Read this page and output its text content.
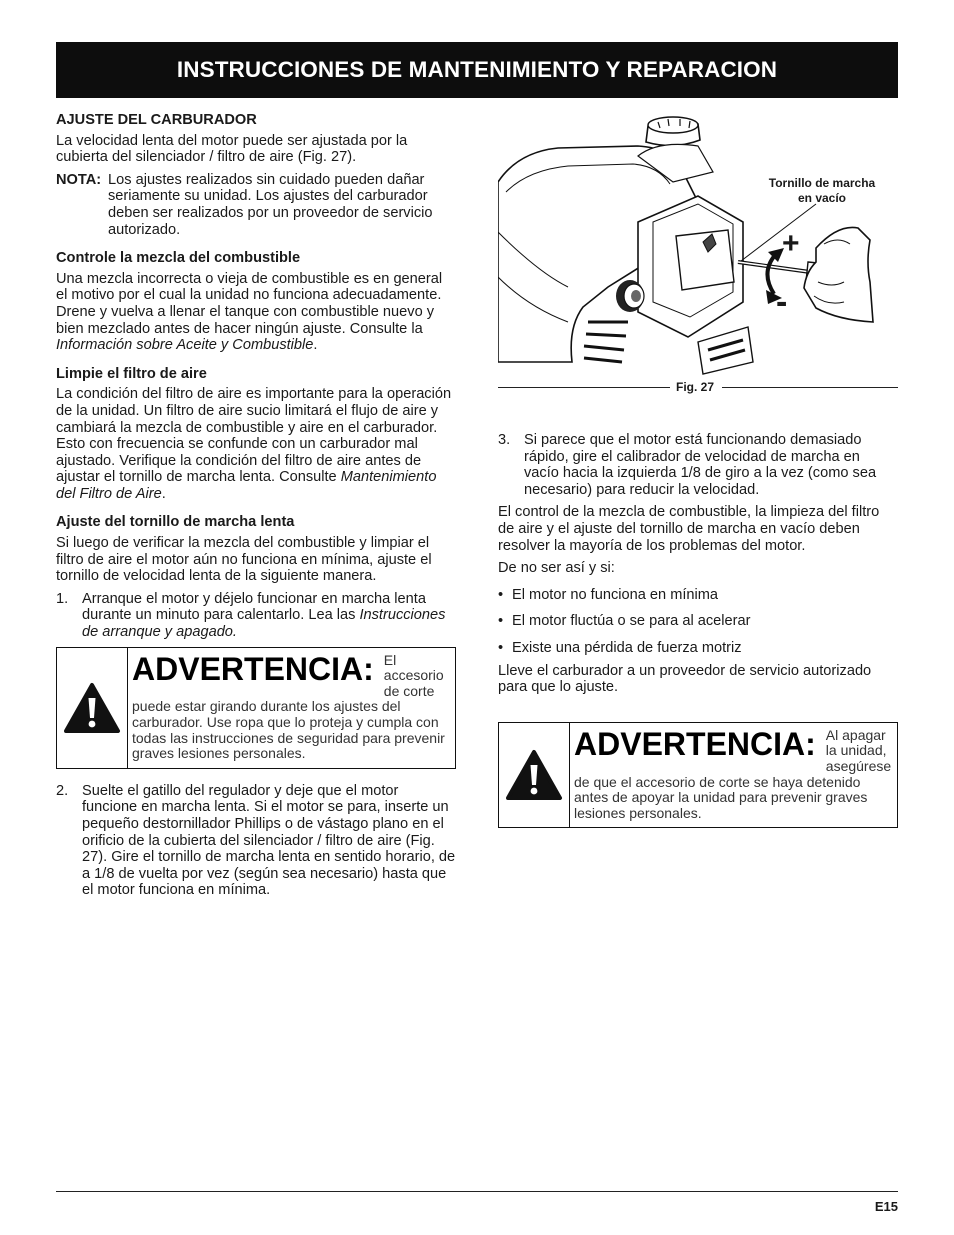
INSTRUCCIONES DE MANTENIMIENTO Y REPARACION
AJUSTE DEL CARBURADOR

La velocidad lenta del motor puede ser ajustada por la cubierta del silenciador / filtro de aire (Fig. 27).

NOTA: Los ajustes realizados sin cuidado pueden dañar seriamente su unidad. Los ajustes del carburador deben ser realizados por un proveedor de servicio autorizado.
Controle la mezcla del combustible

Una mezcla incorrecta o vieja de combustible es en general el motivo por el cual la unidad no funciona adecuadamente. Drene y vuelva a llenar el tanque con combustible nuevo y bien mezclado antes de hacer ningún ajuste. Consulte la Información sobre Aceite y Combustible.

Limpie el filtro de aire

La condición del filtro de aire es importante para la operación de la unidad. Un filtro de aire sucio limitará el flujo de aire y cambiará la mezcla de combustible y aire en el carburador. Esto con frecuencia se confunde con un carburador mal ajustado. Verifique la condición del filtro de aire antes de ajustar el tornillo de marcha lenta. Consulte Mantenimiento del Filtro de Aire.

Ajuste del tornillo de marcha lenta

Si luego de verificar la mezcla del combustible y limpiar el filtro de aire el motor aún no funciona en mínima, ajuste el tornillo de velocidad lenta de la siguiente manera.

1. Arranque el motor y déjelo funcionar en marcha lenta durante un minuto para calentarlo. Lea las Instrucciones de arranque y apagado.
ADVERTENCIA: El accesorio de corte puede estar girando durante los ajustes del carburador. Use ropa que lo proteja y cumpla con todas las instrucciones de seguridad para prevenir graves lesiones personales.
2. Suelte el gatillo del regulador y deje que el motor funcione en marcha lenta. Si el motor se para, inserte un pequeño destornillador Phillips o de vástago plano en el orificio de la cubierta del silenciador / filtro de aire (Fig. 27). Gire el tornillo de marcha lenta en sentido horario, de a 1/8 de vuelta por vez (según sea necesario) hasta que el motor funciona en mínima.
Tornillo de marcha en vacío
+
-
Fig. 27
3. Si parece que el motor está funcionando demasiado rápido, gire el calibrador de velocidad de marcha en vacío hacia la izquierda 1/8 de giro a la vez (como sea necesario) para reducir la velocidad.

El control de la mezcla de combustible, la limpieza del filtro de aire y el ajuste del tornillo de marcha en vacío deben resolver la mayoría de los problemas del motor.

De no ser así y si:

• El motor no funciona en mínima
• El motor fluctúa o se para al acelerar
• Existe una pérdida de fuerza motriz

Lleve el carburador a un proveedor de servicio autorizado para que lo ajuste.

ADVERTENCIA: Al apagar la unidad, asegúrese de que el accesorio de corte se haya detenido antes de apoyar la unidad para prevenir graves lesiones personales.
E15
